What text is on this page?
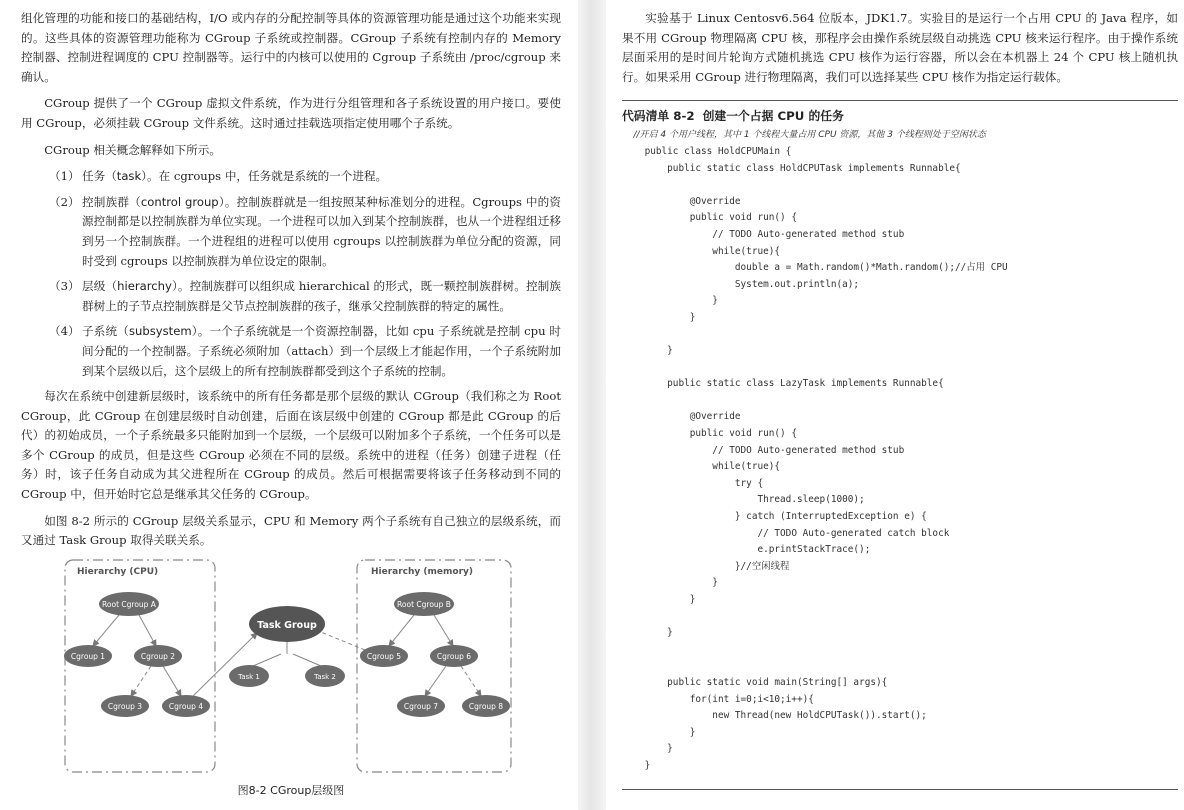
组化管理的功能和接口的基础结构，I/O 或内存的分配控制等具体的资源管理功能是通过这个功能来实现的。这些具体的资源管理功能称为 CGroup 子系统或控制器。CGroup 子系统有控制内存的 Memory 控制器、控制进程调度的 CPU 控制器等。运行中的内核可以使用的 Cgroup 子系统由 /proc/cgroup 来确认。

CGroup 提供了一个 CGroup 虚拟文件系统，作为进行分组管理和各子系统设置的用户接口。要使用 CGroup，必须挂载 CGroup 文件系统。这时通过挂载选项指定使用哪个子系统。

CGroup 相关概念解释如下所示。

（1） 任务（task）。在 cgroups 中，任务就是系统的一个进程。
（2） 控制族群（control group）。控制族群就是一组按照某种标准划分的进程。Cgroups 中的资源控制都是以控制族群为单位实现。一个进程可以加入到某个控制族群，也从一个进程组迁移到另一个控制族群。一个进程组的进程可以使用 cgroups 以控制族群为单位分配的资源，同时受到 cgroups 以控制族群为单位设定的限制。
（3） 层级（hierarchy）。控制族群可以组织成 hierarchical 的形式，既一颗控制族群树。控制族群树上的子节点控制族群是父节点控制族群的孩子，继承父控制族群的特定的属性。
（4） 子系统（subsystem）。一个子系统就是一个资源控制器，比如 cpu 子系统就是控制 cpu 时间分配的一个控制器。子系统必须附加（attach）到一个层级上才能起作用，一个子系统附加到某个层级以后，这个层级上的所有控制族群都受到这个子系统的控制。

每次在系统中创建新层级时，该系统中的所有任务都是那个层级的默认 CGroup（我们称之为 Root CGroup，此 CGroup 在创建层级时自动创建，后面在该层级中创建的 CGroup 都是此 CGroup 的后代）的初始成员，一个子系统最多只能附加到一个层级，一个层级可以附加多个子系统，一个任务可以是多个 CGroup 的成员，但是这些 CGroup 必须在不同的层级。系统中的进程（任务）创建子进程（任务）时，该子任务自动成为其父进程所在 CGroup 的成员。然后可根据需要将该子任务移动到不同的 CGroup 中，但开始时它总是继承其父任务的 CGroup。

如图 8-2 所示的 CGroup 层级关系显示，CPU 和 Memory 两个子系统有自己独立的层级系统，而又通过 Task Group 取得关联关系。

Hierarchy (CPU)	Hierarchy (memory)
Root Cgroup A
Cgroup 1	Cgroup 2
Cgroup 3	Cgroup 4
Task Group
Task 1	Task 2
Root Cgroup B
Cgroup 5	Cgroup 6
Cgroup 7	Cgroup 8
图8-2 CGroup层级图

实验基于 Linux Centosv6.564 位版本，JDK1.7。实验目的是运行一个占用 CPU 的 Java 程序，如果不用 CGroup 物理隔离 CPU 核，那程序会由操作系统层级自动挑选 CPU 核来运行程序。由于操作系统层面采用的是时间片轮询方式随机挑选 CPU 核作为运行容器，所以会在本机器上 24 个 CPU 核上随机执行。如果采用 CGroup 进行物理隔离，我们可以选择某些 CPU 核作为指定运行载体。

代码清单 8-2 创建一个占据 CPU 的任务
//开启 4 个用户线程，其中 1 个线程大量占用 CPU 资源，其他 3 个线程则处于空闲状态
public class HoldCPUMain {
public static class HoldCPUTask implements Runnable{
@Override
public void run() {
// TODO Auto-generated method stub
while(true){
double a = Math.random()*Math.random();//占用 CPU
System.out.println(a);
}
}
}
public static class LazyTask implements Runnable{
@Override
public void run() {
// TODO Auto-generated method stub
while(true){
try {
Thread.sleep(1000);
} catch (InterruptedException e) {
// TODO Auto-generated catch block
e.printStackTrace();
}//空闲线程
}
}
}
public static void main(String[] args){
for(int i=0;i<10;i++){
new Thread(new HoldCPUTask()).start();
}
}
}
